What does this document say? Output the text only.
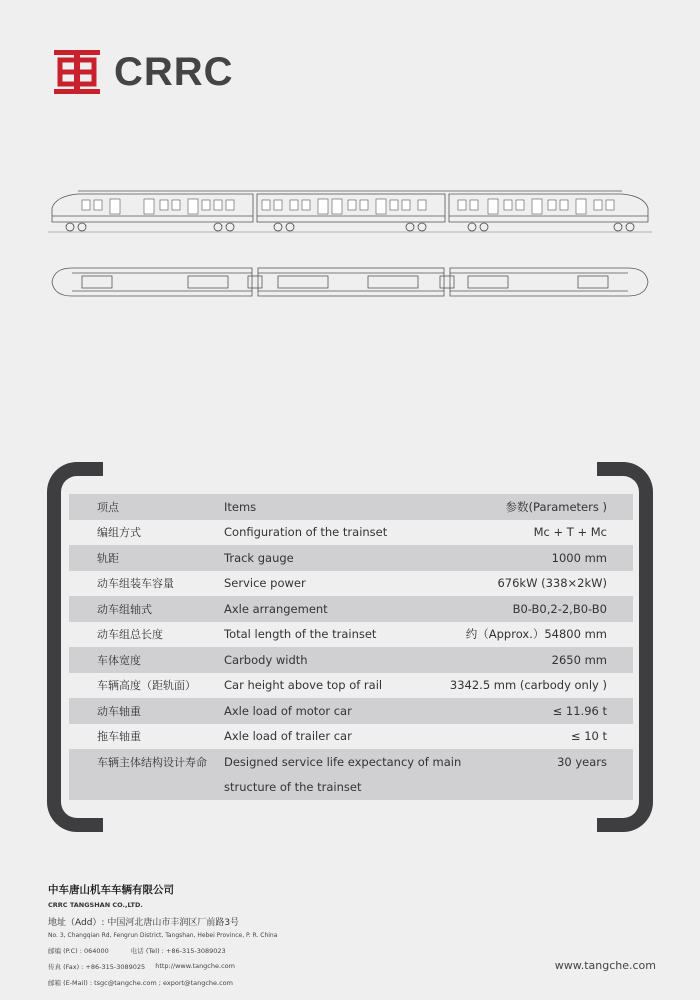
CRRC
项点	Items	参数(Parameters )
编组方式	Configuration of the trainset	Mc + T + Mc
轨距	Track gauge	1000 mm
动车组装车容量	Service power	676kW (338×2kW)
动车组轴式	Axle arrangement	B0-B0,2-2,B0-B0
动车组总长度	Total length of the trainset	约（Approx.）54800 mm
车体宽度	Carbody width	2650 mm
车辆高度（距轨面） Car height above top of rail	3342.5 mm (carbody only )
动车轴重	Axle load of motor car	≤ 11.96 t
拖车轴重	Axle load of trailer car	≤ 10 t
车辆主体结构设计寿命 Designed service life expectancy of main	30 years
structure of the trainset
中车唐山机车车辆有限公司
CRRC TANGSHAN CO.,LTD.
地址（Add）: 中国河北唐山市丰润区厂前路3号
No. 3, Changqian Rd, Fengrun District, Tangshan, Hebei Province, P. R. China
邮编 (P.C) : 064000	电话 (Tel) : +86-315-3089023
传真 (Fax) : +86-315-3089025 http://www.tangche.com
邮箱 (E-Mail) : tsgc@tangche.com ; export@tangche.com
www.tangche.com
